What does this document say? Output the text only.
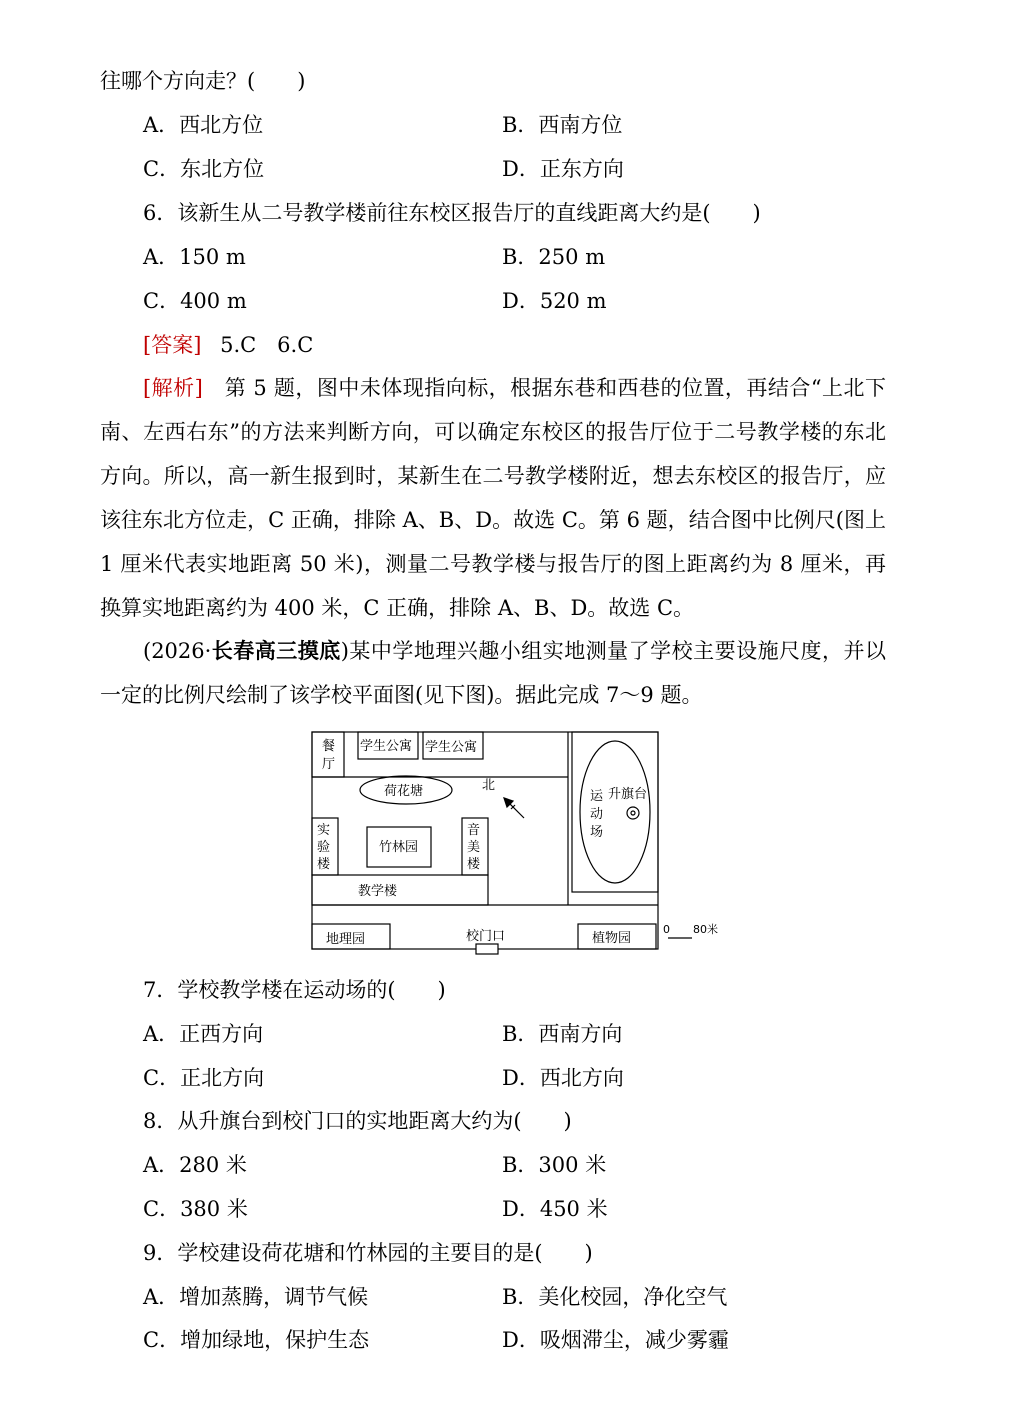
往哪个方向走？(　　)
A．西北方位	B．西南方位
C．东北方位	D．正东方向
6．该新生从二号教学楼前往东校区报告厅的直线距离大约是(　　)
A．150 m	B．250 m
C．400 m	D．520 m
[答案] 5.C　6.C
[解析]　 第 5 题，图中未体现指向标，根据东巷和西巷的位置，再结合“上北下南、左西右东”的方法来判断方向，可以确定东校区的报告厅位于二号教学楼的东北方向。所以，高一新生报到时，某新生在二号教学楼附近，想去东校区的报告厅，应该往东北方位走，C 正确，排除 A、B、D。故选 C。第 6 题，结合图中比例尺(图上 1 厘米代表实地距离 50 米)，测量二号教学楼与报告厅的图上距离约为 8 厘米，再换算实地距离约为 400 米，C 正确，排除 A、B、D。故选 C。
(2026·长春高三摸底)某中学地理兴趣小组实地测量了学校主要设施尺度，并以一定的比例尺绘制了该学校平面图(见下图)。据此完成 7～9 题。
餐
厅
学生公寓 学生公寓
荷花塘	北
实
验
楼
竹林园
音
美
楼
教学楼
运
动
场
升旗台
地理园	校门口	植物园
0 80米
7．学校教学楼在运动场的(　　)
A．正西方向	B．西南方向
C．正北方向	D．西北方向
8．从升旗台到校门口的实地距离大约为(　　)
A．280 米	B．300 米
C．380 米	D．450 米
9．学校建设荷花塘和竹林园的主要目的是(　　)
A．增加蒸腾，调节气候	B．美化校园，净化空气
C．增加绿地，保护生态	D．吸烟滞尘，减少雾霾
